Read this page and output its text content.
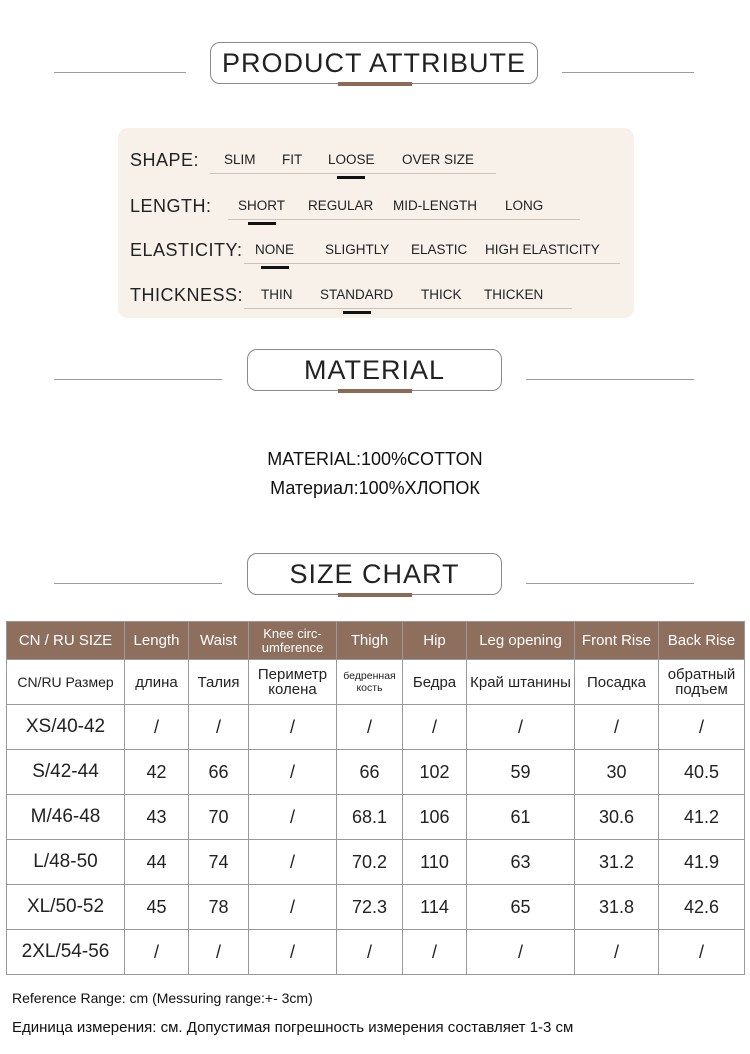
PRODUCT ATTRIBUTE
SHAPE: SLIM FIT LOOSE OVER SIZE
LENGTH: SHORT REGULAR MID-LENGTH LONG
ELASTICITY: NONE SLIGHTLY ELASTIC HIGH ELASTICITY
THICKNESS: THIN STANDARD THICK THICKEN
MATERIAL
MATERIAL:100%COTTON
Материал:100%ХЛОПОК
SIZE CHART
CN / RU SIZE	Length	Waist	Knee circ-umference	Thigh	Hip	Leg opening	Front Rise	Back Rise
CN/RU Размер	длина	Талия	Периметр колена	бедренная кость	Бедра	Край штанины	Посадка	обратный подъем
XS/40-42	/	/	/	/	/	/	/	/
S/42-44	42	66	/	66	102	59	30	40.5
M/46-48	43	70	/	68.1	106	61	30.6	41.2
L/48-50	44	74	/	70.2	110	63	31.2	41.9
XL/50-52	45	78	/	72.3	114	65	31.8	42.6
2XL/54-56	/	/	/	/	/	/	/	/
Reference Range: cm (Messuring range:+- 3cm)
Единица измерения: см. Допустимая погрешность измерения составляет 1-3 см
